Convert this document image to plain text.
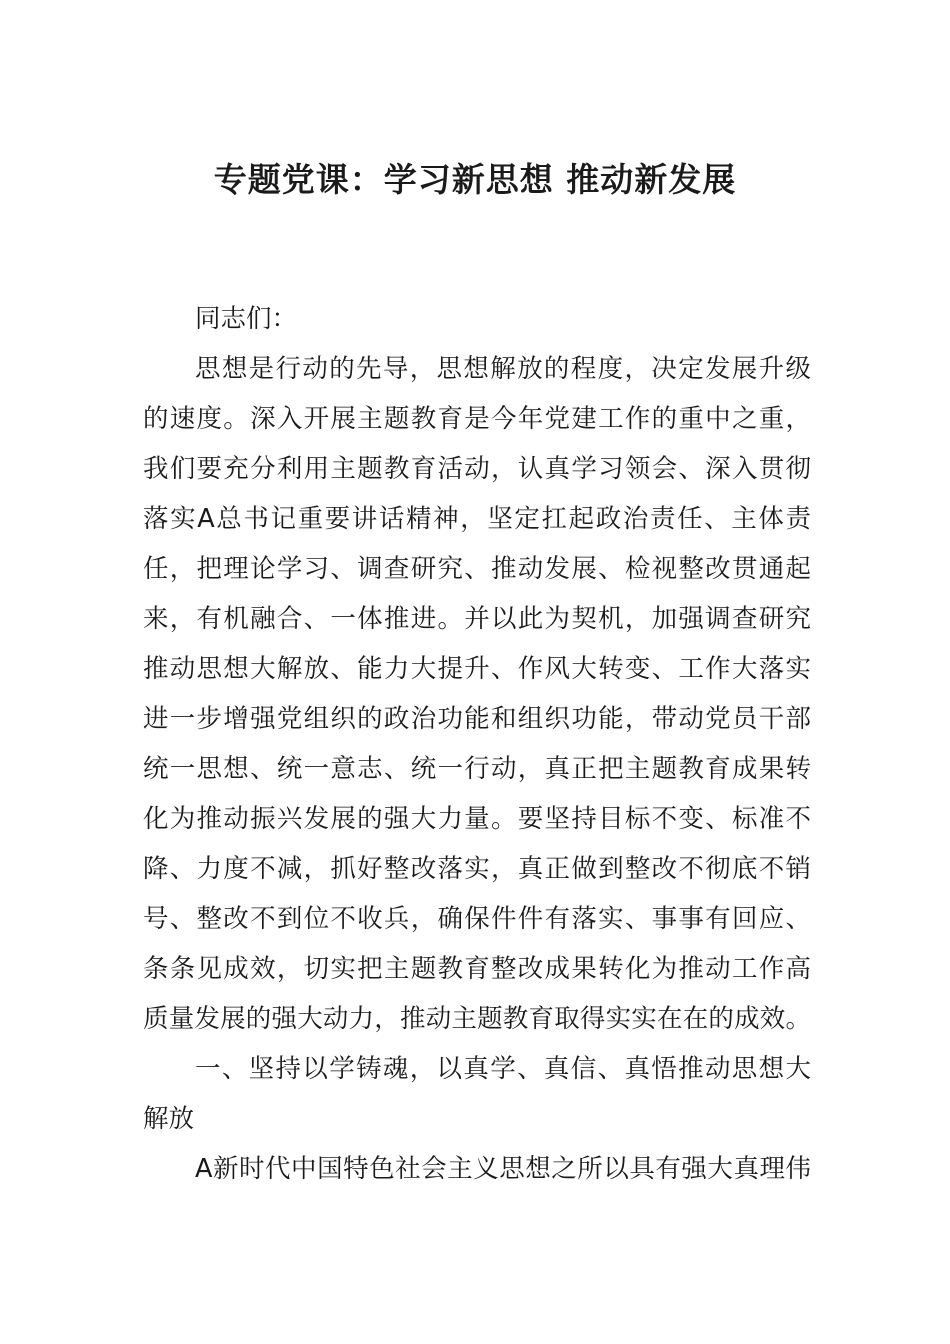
专题党课：学习新思想 推动新发展
同志们：
思想是行动的先导，思想解放的程度，决定发展升级
的速度。深入开展主题教育是今年党建工作的重中之重，
我们要充分利用主题教育活动，认真学习领会、深入贯彻
落实A总书记重要讲话精神，坚定扛起政治责任、主体责
任，把理论学习、调查研究、推动发展、检视整改贯通起
来，有机融合、一体推进。并以此为契机，加强调查研究
推动思想大解放、能力大提升、作风大转变、工作大落实
进一步增强党组织的政治功能和组织功能，带动党员干部
统一思想、统一意志、统一行动，真正把主题教育成果转
化为推动振兴发展的强大力量。要坚持目标不变、标准不
降、力度不减，抓好整改落实，真正做到整改不彻底不销
号、整改不到位不收兵，确保件件有落实、事事有回应、
条条见成效，切实把主题教育整改成果转化为推动工作高
质量发展的强大动力，推动主题教育取得实实在在的成效。
一、坚持以学铸魂，以真学、真信、真悟推动思想大
解放
A新时代中国特色社会主义思想之所以具有强大真理伟
